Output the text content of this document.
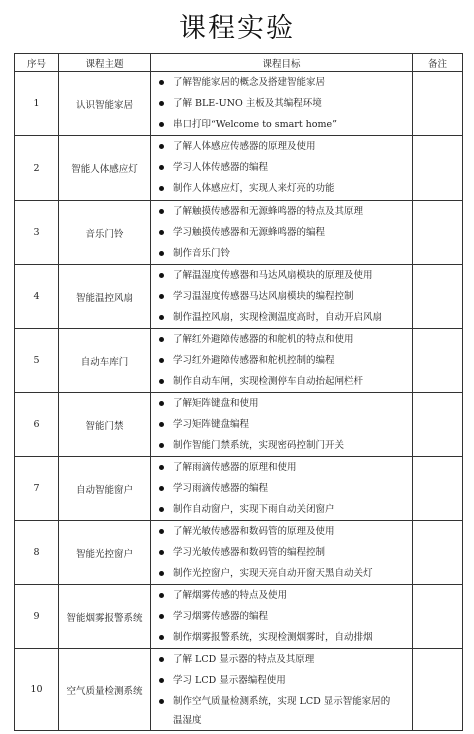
课程实验
序号	课程主题	课程目标	备注
1	认识智能家居	了解智能家居的概念及搭建智能家居
了解 BLE-UNO 主板及其编程环境
串口打印“Welcome to smart home”	

2	智能人体感应灯	了解人体感应传感器的原理及使用
学习人体传感器的编程
制作人体感应灯，实现人来灯亮的功能	

3	音乐门铃	了解触摸传感器和无源蜂鸣器的特点及其原理
学习触摸传感器和无源蜂鸣器的编程
制作音乐门铃	

4	智能温控风扇	了解温湿度传感器和马达风扇模块的原理及使用
学习温湿度传感器马达风扇模块的编程控制
制作温控风扇，实现检测温度高时，自动开启风扇	

5	自动车库门	了解红外避障传感器的和舵机的特点和使用
学习红外避障传感器和舵机控制的编程
制作自动车闸，实现检测停车自动抬起闸栏杆	

6	智能门禁	了解矩阵键盘和使用
学习矩阵键盘编程
制作智能门禁系统，实现密码控制门开关	

7	自动智能窗户	了解雨滴传感器的原理和使用
学习雨滴传感器的编程
制作自动窗户，实现下雨自动关闭窗户	

8	智能光控窗户	了解光敏传感器和数码管的原理及使用
学习光敏传感器和数码管的编程控制
制作光控窗户，实现天亮自动开窗天黑自动关灯	

9	智能烟雾报警系统	了解烟雾传感的特点及使用
学习烟雾传感器的编程
制作烟雾报警系统，实现检测烟雾时，自动排烟	

10	空气质量检测系统	了解 LCD 显示器的特点及其原理
学习 LCD 显示器编程使用
制作空气质量检测系统，实现 LCD 显示智能家居的
温湿度	
